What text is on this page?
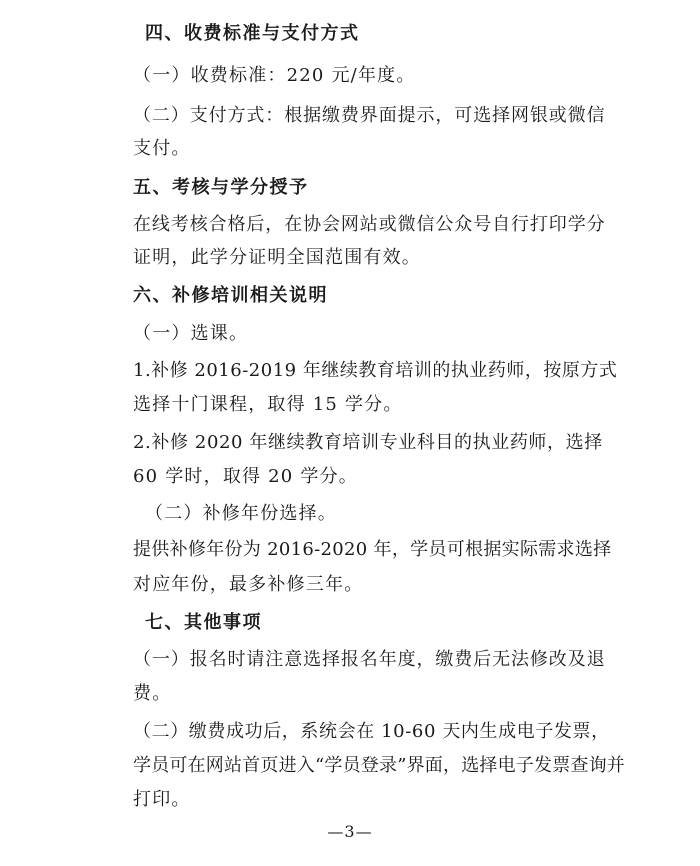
四、收费标准与支付方式
（一）收费标准：220 元/年度。
（二）支付方式：根据缴费界面提示，可选择网银或微信
支付。
五、考核与学分授予
在线考核合格后，在协会网站或微信公众号自行打印学分
证明，此学分证明全国范围有效。
六、补修培训相关说明
（一）选课。
1.补修 2016-2019 年继续教育培训的执业药师，按原方式
选择十门课程，取得 15 学分。
2.补修 2020 年继续教育培训专业科目的执业药师，选择
60 学时，取得 20 学分。
（二）补修年份选择。
提供补修年份为 2016-2020 年，学员可根据实际需求选择
对应年份，最多补修三年。
七、其他事项
（一）报名时请注意选择报名年度，缴费后无法修改及退
费。
（二）缴费成功后，系统会在 10-60 天内生成电子发票，
学员可在网站首页进入“学员登录”界面，选择电子发票查询并
打印。
—3—
